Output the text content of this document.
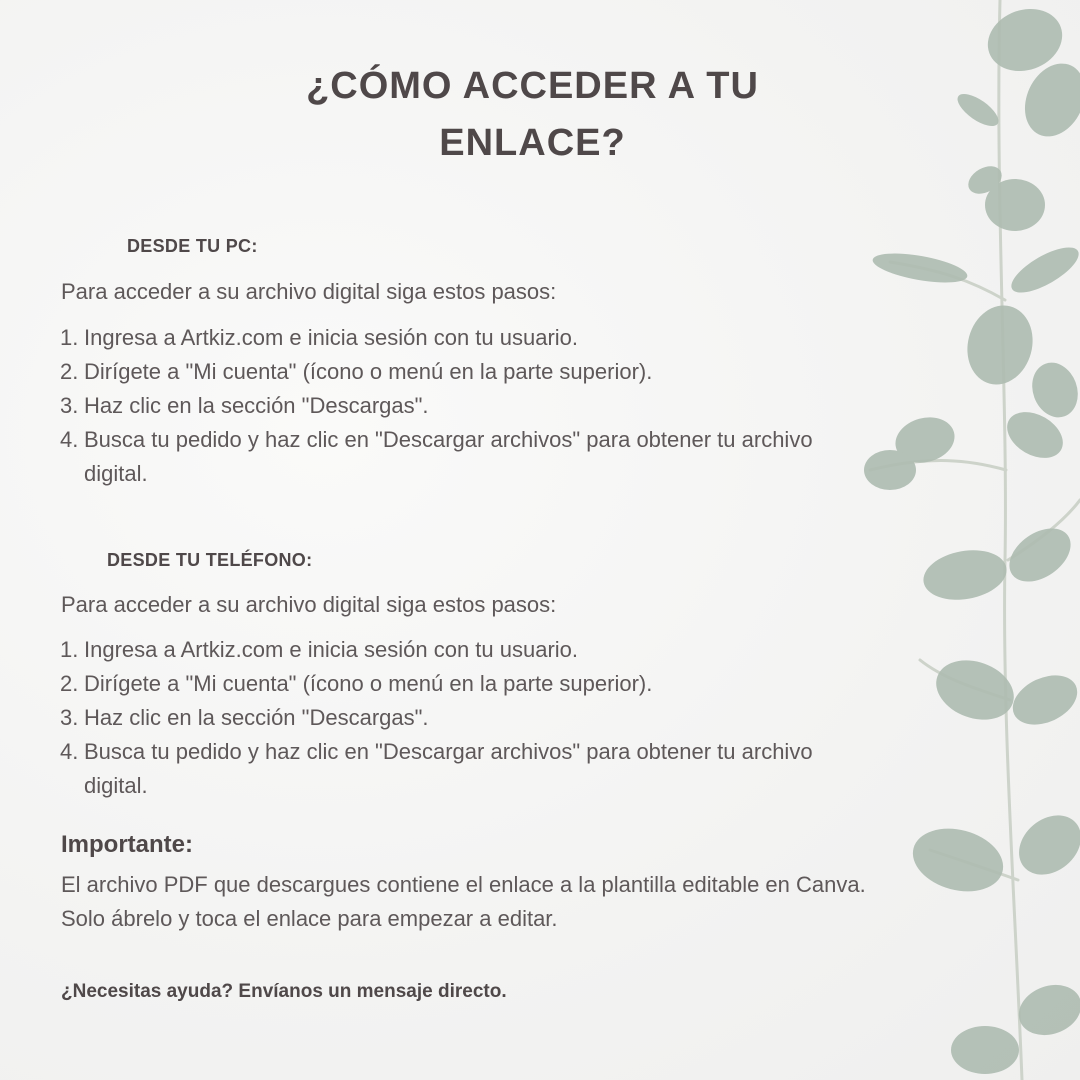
¿CÓMO ACCEDER A TU
ENLACE?
DESDE TU PC:

Para acceder a su archivo digital siga estos pasos:

1. Ingresa a Artkiz.com e inicia sesión con tu usuario.
2. Dirígete a "Mi cuenta" (ícono o menú en la parte superior).
3. Haz clic en la sección "Descargas".
4. Busca tu pedido y haz clic en "Descargar archivos" para obtener tu archivo digital.
DESDE TU TELÉFONO:

Para acceder a su archivo digital siga estos pasos:

1. Ingresa a Artkiz.com e inicia sesión con tu usuario.
2. Dirígete a "Mi cuenta" (ícono o menú en la parte superior).
3. Haz clic en la sección "Descargas".
4. Busca tu pedido y haz clic en "Descargar archivos" para obtener tu archivo digital.

Importante:

El archivo PDF que descargues contiene el enlace a la plantilla editable en Canva. Solo ábrelo y toca el enlace para empezar a editar.

¿Necesitas ayuda? Envíanos un mensaje directo.
